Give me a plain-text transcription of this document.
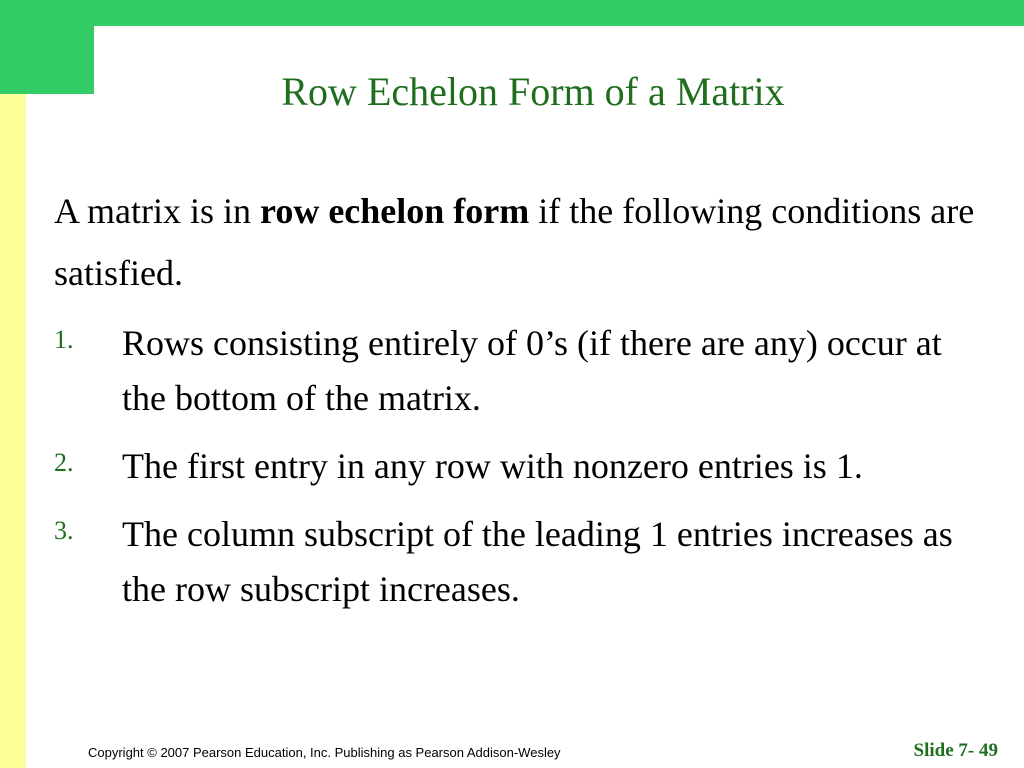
Row Echelon Form of a Matrix
A matrix is in row echelon form if the following conditions are satisfied.
1. Rows consisting entirely of 0’s (if there are any) occur at the bottom of the matrix.
2. The first entry in any row with nonzero entries is 1.
3. The column subscript of the leading 1 entries increases as the row subscript increases.
Copyright © 2007 Pearson Education, Inc. Publishing as Pearson Addison-Wesley	Slide 7- 49
